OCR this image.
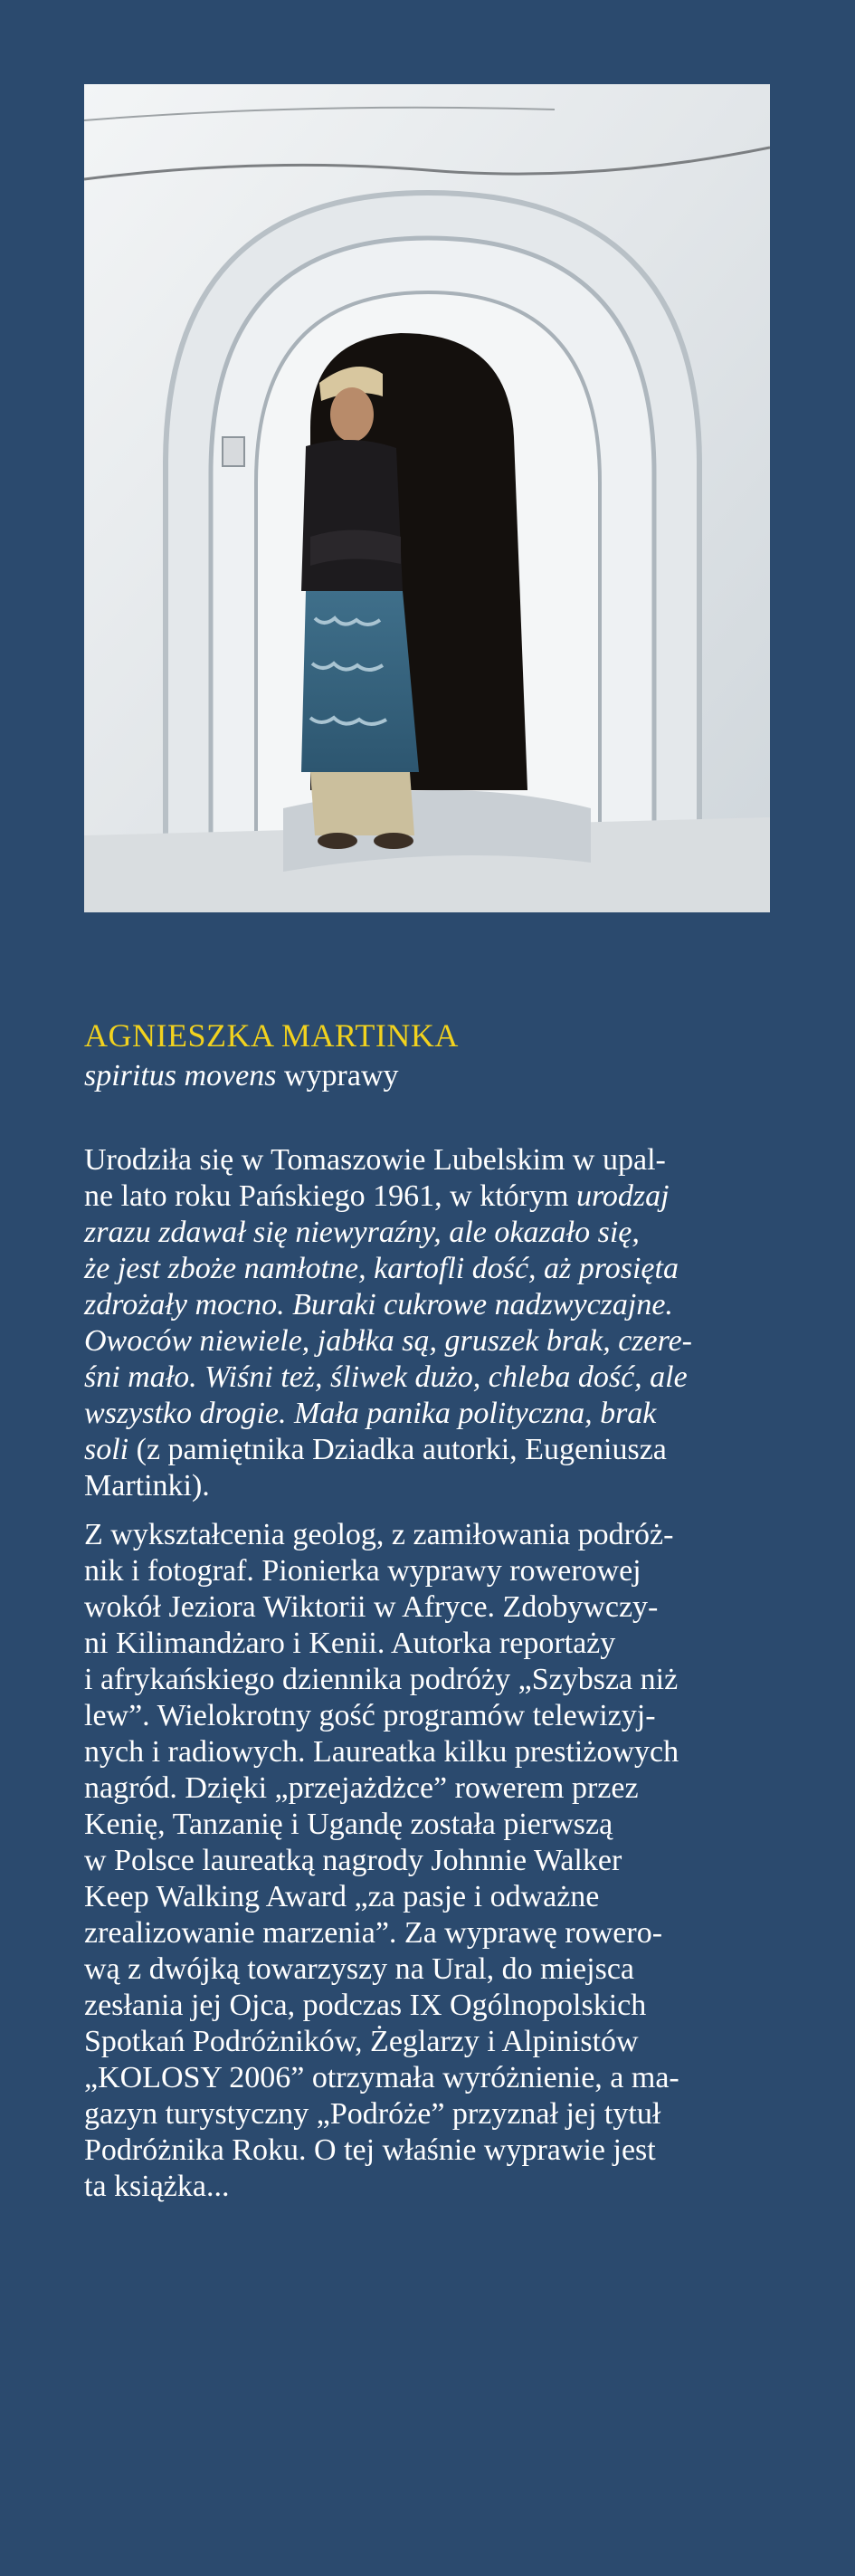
AGNIESZKA MARTINKA
spiritus movens wyprawy

Urodziła się w Tomaszowie Lubelskim w upal-
ne lato roku Pańskiego 1961, w którym urodzaj
zrazu zdawał się niewyraźny, ale okazało się,
że jest zboże namłotne, kartofli dość, aż prosięta
zdrożały mocno. Buraki cukrowe nadzwyczajne.
Owoców niewiele, jabłka są, gruszek brak, czere-
śni mało. Wiśni też, śliwek dużo, chleba dość, ale
wszystko drogie. Mała panika polityczna, brak
soli (z pamiętnika Dziadka autorki, Eugeniusza
Martinki).

Z wykształcenia geolog, z zamiłowania podróż-
nik i fotograf. Pionierka wyprawy rowerowej
wokół Jeziora Wiktorii w Afryce. Zdobywczy-
ni Kilimandżaro i Kenii. Autorka reportaży
i afrykańskiego dziennika podróży „Szybsza niż
lew”. Wielokrotny gość programów telewizyj-
nych i radiowych. Laureatka kilku prestiżowych
nagród. Dzięki „przejażdżce” rowerem przez
Kenię, Tanzanię i Ugandę została pierwszą
w Polsce laureatką nagrody Johnnie Walker
Keep Walking Award „za pasje i odważne
zrealizowanie marzenia”. Za wyprawę rowero-
wą z dwójką towarzyszy na Ural, do miejsca
zesłania jej Ojca, podczas IX Ogólnopolskich
Spotkań Podróżników, Żeglarzy i Alpinistów
„KOLOSY 2006” otrzymała wyróżnienie, a ma-
gazyn turystyczny „Podróże” przyznał jej tytuł
Podróżnika Roku. O tej właśnie wyprawie jest
ta książka...
